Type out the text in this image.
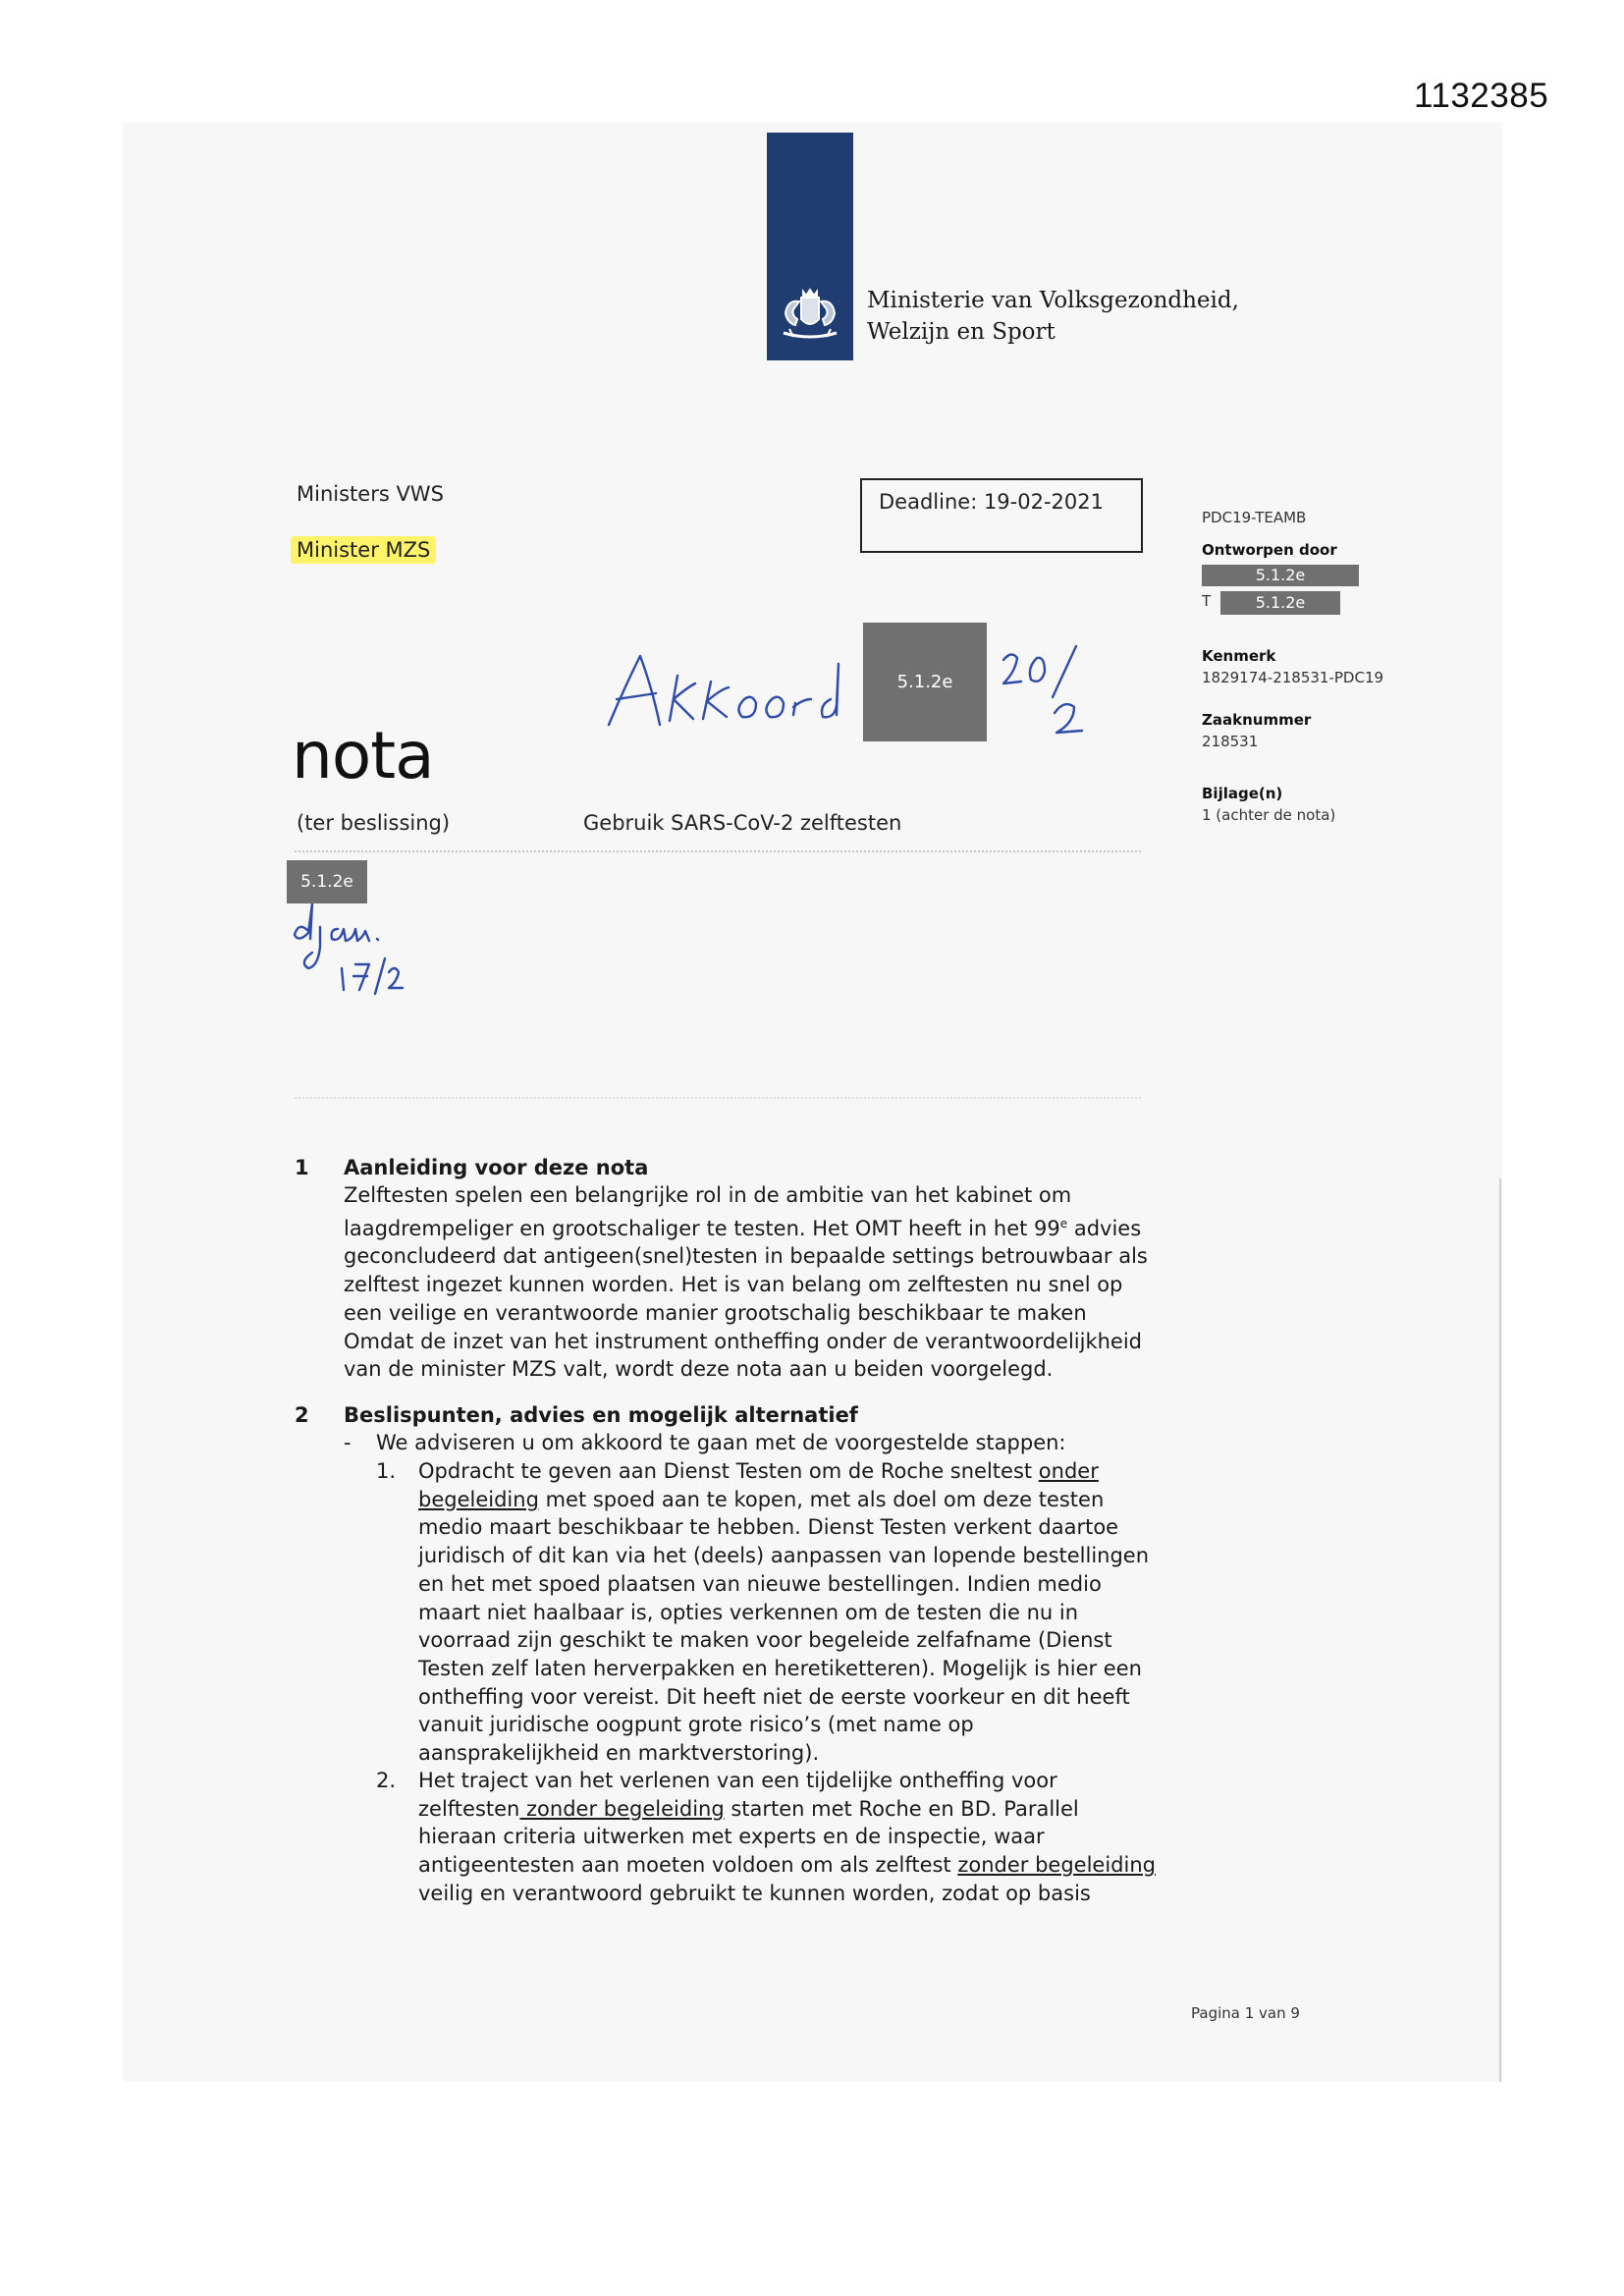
1132385
Ministerie van Volksgezondheid,
Welzijn en Sport
Ministers VWS
Minister MZS
Deadline: 19-02-2021
PDC19-TEAMB
Ontworpen door
5.1.2e
T	5.1.2e
Kenmerk
1829174-218531-PDC19
Zaaknummer
218531
Bijlage(n)
1 (achter de nota)
5.1.2e
nota
(ter beslissing)	Gebruik SARS-CoV-2 zelftesten
5.1.2e
1 Aanleiding voor deze nota
Zelftesten spelen een belangrijke rol in de ambitie van het kabinet om
laagdrempeliger en grootschaliger te testen. Het OMT heeft in het 99e advies
geconcludeerd dat antigeen(snel)testen in bepaalde settings betrouwbaar als
zelftest ingezet kunnen worden. Het is van belang om zelftesten nu snel op
een veilige en verantwoorde manier grootschalig beschikbaar te maken
Omdat de inzet van het instrument ontheffing onder de verantwoordelijkheid
van de minister MZS valt, wordt deze nota aan u beiden voorgelegd.
2 Beslispunten, advies en mogelijk alternatief
- We adviseren u om akkoord te gaan met de voorgestelde stappen:
1. Opdracht te geven aan Dienst Testen om de Roche sneltest onder
begeleiding met spoed aan te kopen, met als doel om deze testen
medio maart beschikbaar te hebben. Dienst Testen verkent daartoe
juridisch of dit kan via het (deels) aanpassen van lopende bestellingen
en het met spoed plaatsen van nieuwe bestellingen. Indien medio
maart niet haalbaar is, opties verkennen om de testen die nu in
voorraad zijn geschikt te maken voor begeleide zelfafname (Dienst
Testen zelf laten herverpakken en heretiketteren). Mogelijk is hier een
ontheffing voor vereist. Dit heeft niet de eerste voorkeur en dit heeft
vanuit juridische oogpunt grote risico’s (met name op
aansprakelijkheid en marktverstoring).
2. Het traject van het verlenen van een tijdelijke ontheffing voor
zelftesten zonder begeleiding starten met Roche en BD. Parallel
hieraan criteria uitwerken met experts en de inspectie, waar
antigeentesten aan moeten voldoen om als zelftest zonder begeleiding
veilig en verantwoord gebruikt te kunnen worden, zodat op basis
Pagina 1 van 9
